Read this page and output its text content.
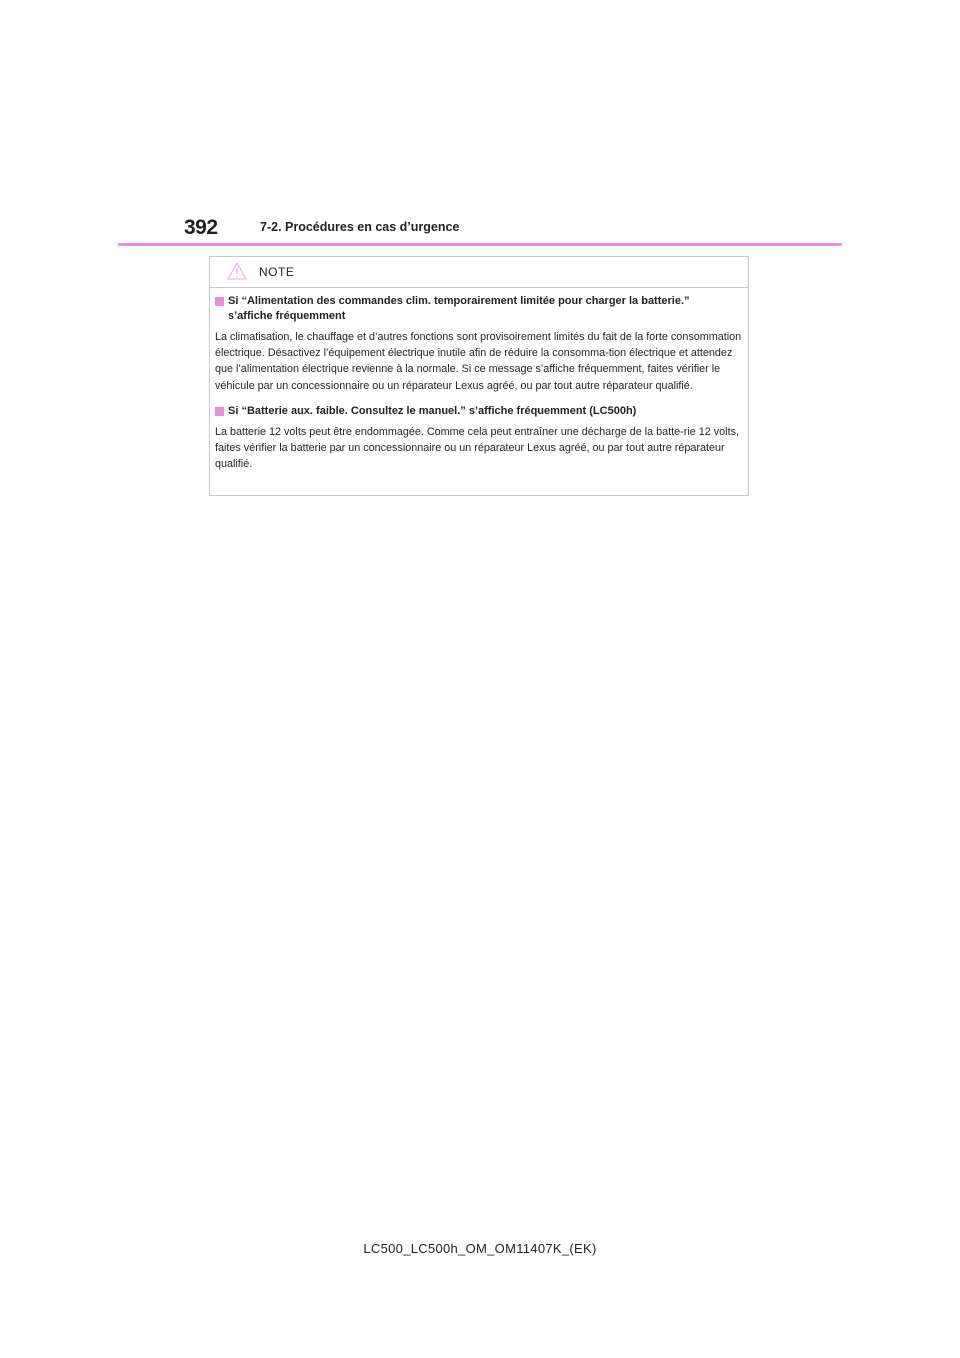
392	7-2. Procédures en cas d’urgence
NOTE
Si “Alimentation des commandes clim. temporairement limitée pour charger la batterie.”
s’affiche fréquemment
La climatisation, le chauffage et d’autres fonctions sont provisoirement limités du fait de la forte consommation électrique. Désactivez l’équipement électrique inutile afin de réduire la consomma-tion électrique et attendez que l’alimentation électrique revienne à la normale. Si ce message s’affiche fréquemment, faites vérifier le véhicule par un concessionnaire ou un réparateur Lexus agréé, ou par tout autre réparateur qualifié.
Si “Batterie aux. faible. Consultez le manuel.” s’affiche fréquemment (LC500h)
La batterie 12 volts peut être endommagée. Comme cela peut entraîner une décharge de la batte-rie 12 volts, faites vérifier la batterie par un concessionnaire ou un réparateur Lexus agréé, ou par tout autre réparateur qualifié.
LC500_LC500h_OM_OM11407K_(EK)
